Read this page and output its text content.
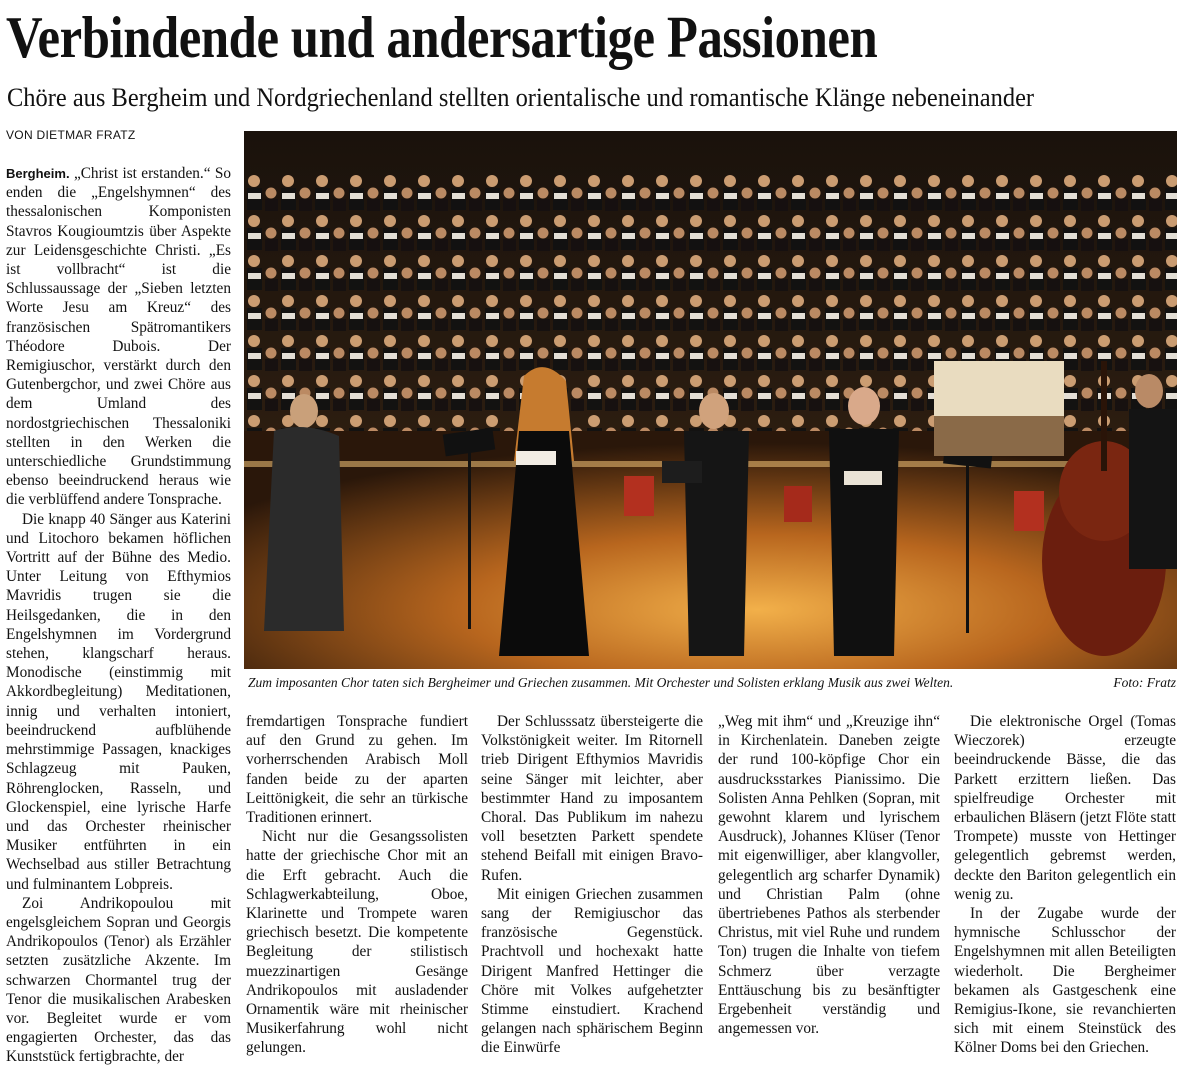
Verbindende und andersartige Passionen
Chöre aus Bergheim und Nordgriechenland stellten orientalische und romantische Klänge nebeneinander
VON DIETMAR FRATZ

Bergheim. „Christ ist erstanden.“ So enden die „Engelshymnen“ des thessalonischen Komponisten Stavros Kougioumtzis über Aspekte zur Leidensgeschichte Christi. „Es ist vollbracht“ ist die Schlussaussage der „Sieben letzten Worte Jesu am Kreuz“ des französischen Spätromantikers Théodore Dubois. Der Remigiuschor, verstärkt durch den Gutenbergchor, und zwei Chöre aus dem Umland des nordostgriechischen Thessaloniki stellten in den Werken die unterschiedliche Grundstimmung ebenso beeindruckend heraus wie die verblüffend andere Tonsprache.

Die knapp 40 Sänger aus Katerini und Litochoro bekamen höflichen Vortritt auf der Bühne des Medio. Unter Leitung von Efthymios Mavridis trugen sie die Heilsgedanken, die in den Engelshymnen im Vordergrund stehen, klangscharf heraus. Monodische (einstimmig mit Akkordbegleitung) Meditationen, innig und verhalten intoniert, beeindruckend aufblühende mehrstimmige Passagen, knackiges Schlagzeug mit Pauken, Röhrenglocken, Rasseln, und Glockenspiel, eine lyrische Harfe und das Orchester rheinischer Musiker entführten in ein Wechselbad aus stiller Betrachtung und fulminantem Lobpreis.

Zoi Andrikopoulou mit engelsgleichem Sopran und Georgis Andrikopoulos (Tenor) als Erzähler setzten zusätzliche Akzente. Im schwarzen Chormantel trug der Tenor die musikalischen Arabesken vor. Begleitet wurde er vom engagierten Orchester, das das Kunststück fertigbrachte, der

Zum imposanten Chor taten sich Bergheimer und Griechen zusammen. Mit Orchester und Solisten erklang Musik aus zwei Welten.	Foto: Fratz

fremdartigen Tonsprache fundiert auf den Grund zu gehen. Im vorherrschenden Arabisch Moll fanden beide zu der aparten Leittönigkeit, die sehr an türkische Traditionen erinnert.

Nicht nur die Gesangssolisten hatte der griechische Chor mit an die Erft gebracht. Auch die Schlagwerkabteilung, Oboe, Klarinette und Trompete waren griechisch besetzt. Die kompetente Begleitung der stilistisch muezzinartigen Gesänge Andrikopoulos mit ausladender Ornamentik wäre mit rheinischer Musikerfahrung wohl nicht gelungen.

Der Schlusssatz übersteigerte die Volkstönigkeit weiter. Im Ritornell trieb Dirigent Efthymios Mavridis seine Sänger mit leichter, aber bestimmter Hand zu imposantem Choral. Das Publikum im nahezu voll besetzten Parkett spendete stehend Beifall mit einigen Bravo-Rufen.

Mit einigen Griechen zusammen sang der Remigiuschor das französische Gegenstück. Prachtvoll und hochexakt hatte Dirigent Manfred Hettinger die Chöre mit Volkes aufgehetzter Stimme einstudiert. Krachend gelangen nach sphärischem Beginn die Einwürfe

„Weg mit ihm“ und „Kreuzige ihn“ in Kirchenlatein. Daneben zeigte der rund 100-köpfige Chor ein ausdrucksstarkes Pianissimo. Die Solisten Anna Pehlken (Sopran, mit gewohnt klarem und lyrischem Ausdruck), Johannes Klüser (Tenor mit eigenwilliger, aber klangvoller, gelegentlich arg scharfer Dynamik) und Christian Palm (ohne übertriebenes Pathos als sterbender Christus, mit viel Ruhe und rundem Ton) trugen die Inhalte von tiefem Schmerz über verzagte Enttäuschung bis zu besänftigter Ergebenheit verständig und angemessen vor.

Die elektronische Orgel (Tomas Wieczorek) erzeugte beeindruckende Bässe, die das Parkett erzittern ließen. Das spielfreudige Orchester mit erbaulichen Bläsern (jetzt Flöte statt Trompete) musste von Hettinger gelegentlich gebremst werden, deckte den Bariton gelegentlich ein wenig zu.

In der Zugabe wurde der hymnische Schlusschor der Engelshymnen mit allen Beteiligten wiederholt. Die Bergheimer bekamen als Gastgeschenk eine Remigius-Ikone, sie revanchierten sich mit einem Steinstück des Kölner Doms bei den Griechen.
